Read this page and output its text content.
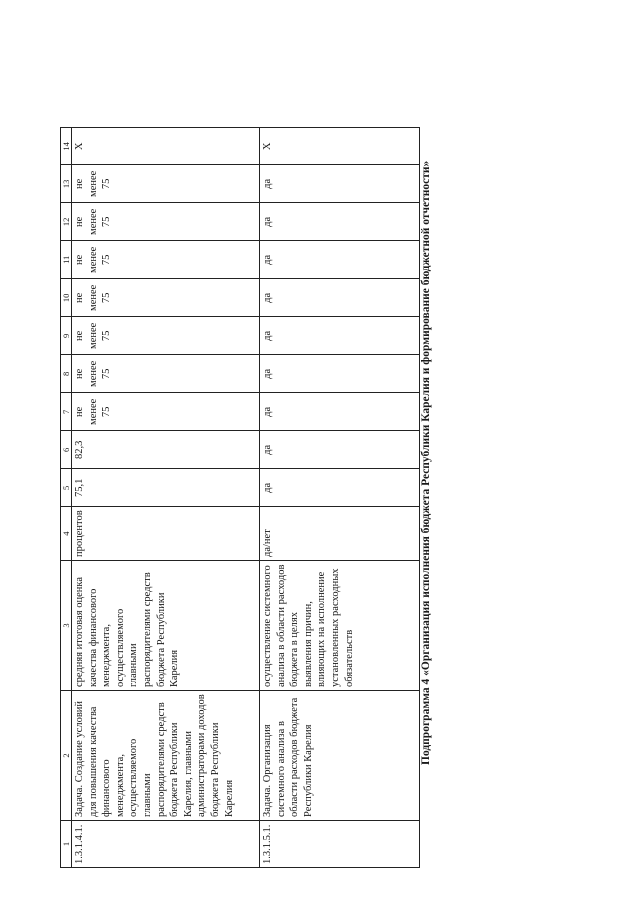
1	2	3	4	5	6	7	8	9	10	11	12	13	14
1.3.1.4.1.	Задача. Создание условий для повышения качества финансового менеджмента, осуществляемого главными распорядителями средств бюджета Республики Карелия, главными администраторами доходов бюджета Республики Карелия	средняя итоговая оценка качества финансового менеджмента, осуществляемого главными распорядителями средств бюджета Республики Карелия	процентов	75,1	82,3	не менее 75	не менее 75	не менее 75	не менее 75	не менее 75	не менее 75	не менее 75	Х
1.3.1.5.1.	Задача. Организация системного анализа в области расходов бюджета Республики Карелия	осуществление системного анализа в области расходов бюджета в целях выявления причин, влияющих на исполнение установленных расходных обязательств	да/нет	да	да	да	да	да	да	да	да	да	Х
Подпрограмма 4 «Организация исполнения бюджета Республики Карелия и формирование бюджетной отчетности»
